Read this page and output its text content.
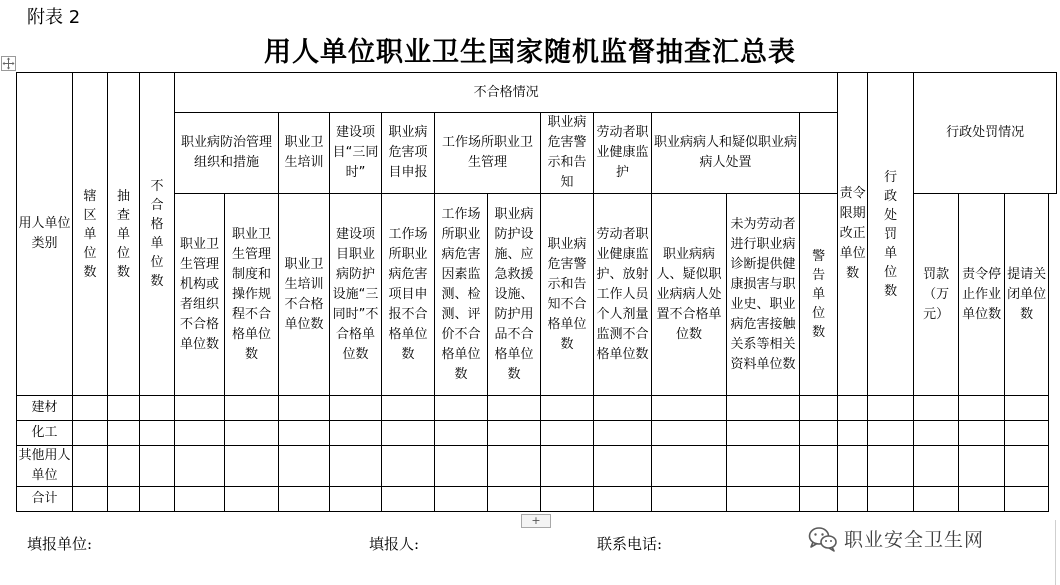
附表 2
用人单位职业卫生国家随机监督抽查汇总表
用人单位类别	辖区单位数	抽查单位数	不合格单位数	不合格情况												责令限期改正单位数	行政处罚单位数	行政处罚情况		
				职业病防治管理组织和措施		职业卫生培训	建设项目“三同时”	职业病危害项目申报	工作场所职业卫生管理		职业病危害警示和告知	劳动者职业健康监护	职业病病人和疑似职业病病人处置							
				职业卫生管理机构或者组织不合格单位数	职业卫生管理制度和操作规程不合格单位数	职业卫生培训不合格单位数	建设项目职业病防护设施“三同时”不合格单位数	工作场所职业病危害项目申报不合格单位数	工作场所职业病危害因素监测、检测、评价不合格单位数	职业病防护设施、应急救援设施、防护用品不合格单位数	职业病危害警示和告知不合格单位数	劳动者职业健康监护、放射工作人员个人剂量监测不合格单位数	职业病病人、疑似职业病病人处置不合格单位数	未为劳动者进行职业病诊断提供健康损害与职业史、职业病危害接触关系等相关资料单位数	警告单位数			罚款（万元）	责令停止作业单位数	提请关闭单位数
建材																				
化工																				
其他用人单位																				
合计																				
+
填报单位:	填报人:	联系电话:	职业安全卫生网
